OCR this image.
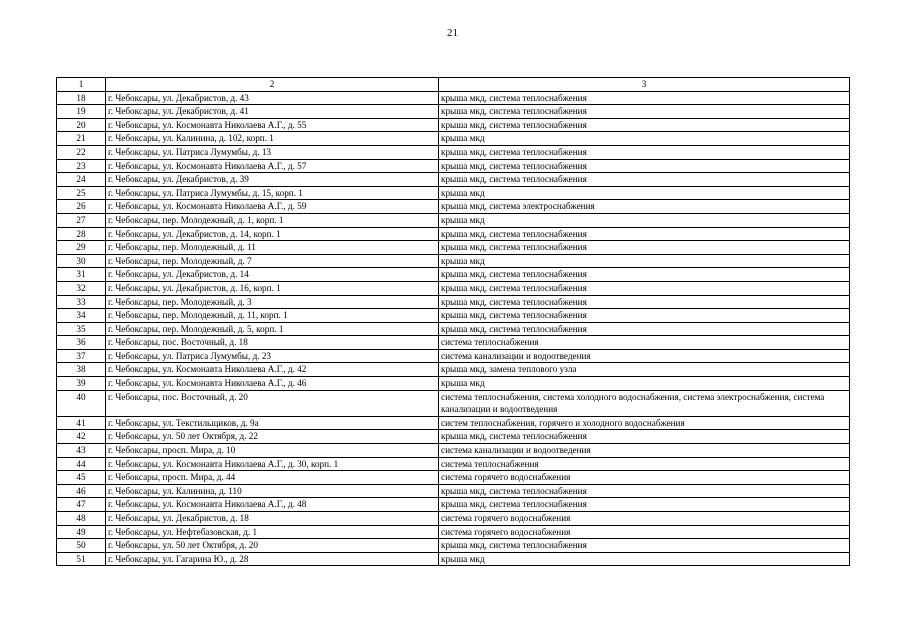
21
1	2	3
18	г. Чебоксары, ул. Декабристов, д. 43	крыша мкд, система теплоснабжения
19	г. Чебоксары, ул. Декабристов, д. 41	крыша мкд, система теплоснабжения
20	г. Чебоксары, ул. Космонавта Николаева А.Г., д. 55	крыша мкд, система теплоснабжения
21	г. Чебоксары, ул. Калинина, д. 102, корп. 1	крыша мкд
22	г. Чебоксары, ул. Патриса Лумумбы, д. 13	крыша мкд, система теплоснабжения
23	г. Чебоксары, ул. Космонавта Николаева А.Г., д. 57	крыша мкд, система теплоснабжения
24	г. Чебоксары, ул. Декабристов, д. 39	крыша мкд, система теплоснабжения
25	г. Чебоксары, ул. Патриса Лумумбы, д. 15, корп. 1	крыша мкд
26	г. Чебоксары, ул. Космонавта Николаева А.Г., д. 59	крыша мкд, система электроснабжения
27	г. Чебоксары, пер. Молодежный, д. 1, корп. 1	крыша мкд
28	г. Чебоксары, ул. Декабристов, д. 14, корп. 1	крыша мкд, система теплоснабжения
29	г. Чебоксары, пер. Молодежный, д. 11	крыша мкд, система теплоснабжения
30	г. Чебоксары, пер. Молодежный, д. 7	крыша мкд
31	г. Чебоксары, ул. Декабристов, д. 14	крыша мкд, система теплоснабжения
32	г. Чебоксары, ул. Декабристов, д. 16, корп. 1	крыша мкд, система теплоснабжения
33	г. Чебоксары, пер. Молодежный, д. 3	крыша мкд, система теплоснабжения
34	г. Чебоксары, пер. Молодежный, д. 11, корп. 1	крыша мкд, система теплоснабжения
35	г. Чебоксары, пер. Молодежный, д. 5, корп. 1	крыша мкд, система теплоснабжения
36	г. Чебоксары, пос. Восточный, д. 18	система теплоснабжения
37	г. Чебоксары, ул. Патриса Лумумбы, д. 23	система канализации и водоотведения
38	г. Чебоксары, ул. Космонавта Николаева А.Г., д. 42	крыша мкд, замена теплового узла
39	г. Чебоксары, ул. Космонавта Николаева А.Г., д. 46	крыша мкд
40	г. Чебоксары, пос. Восточный, д. 20	система теплоснабжения, система холодного водоснабжения, система электроснабжения, система канализации и водоотведения
41	г. Чебоксары, ул. Текстильщиков, д. 9а	систем теплоснабжения, горячего и холодного водоснабжения
42	г. Чебоксары, ул. 50 лет Октября, д. 22	крыша мкд, система теплоснабжения
43	г. Чебоксары, просп. Мира, д. 10	система канализации и водоотведения
44	г. Чебоксары, ул. Космонавта Николаева А.Г., д. 30, корп. 1	система теплоснабжения
45	г. Чебоксары, просп. Мира, д. 44	система горячего водоснабжения
46	г. Чебоксары, ул. Калинина, д. 110	крыша мкд, система теплоснабжения
47	г. Чебоксары, ул. Космонавта Николаева А.Г., д. 48	крыша мкд, система теплоснабжения
48	г. Чебоксары, ул. Декабристов, д. 18	система горячего водоснабжения
49	г. Чебоксары, ул. Нефтебазовская, д. 1	система горячего водоснабжения
50	г. Чебоксары, ул. 50 лет Октября, д. 20	крыша мкд, система теплоснабжения
51	г. Чебоксары, ул. Гагарина Ю., д. 28	крыша мкд
